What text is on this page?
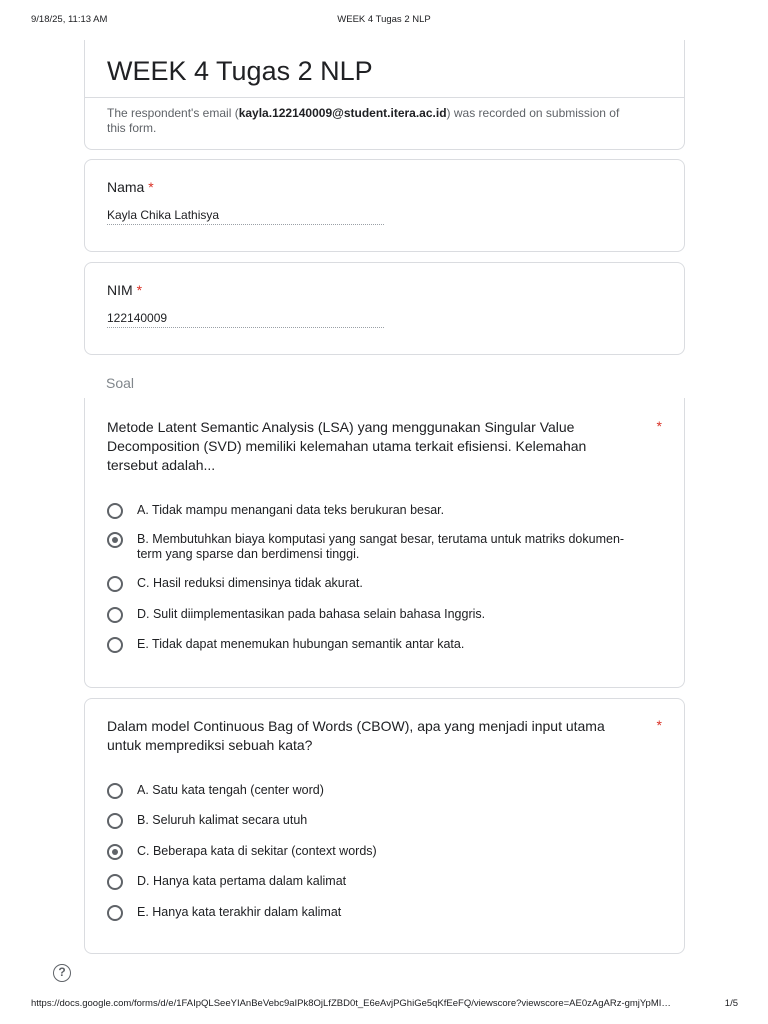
9/18/25, 11:13 AM	WEEK 4 Tugas 2 NLP
WEEK 4 Tugas 2 NLP
The respondent's email (kayla.122140009@student.itera.ac.id) was recorded on submission of this form.
Nama *
Kayla Chika Lathisya
NIM *
122140009
Soal
Metode Latent Semantic Analysis (LSA) yang menggunakan Singular Value Decomposition (SVD) memiliki kelemahan utama terkait efisiensi. Kelemahan tersebut adalah...
*
A. Tidak mampu menangani data teks berukuran besar.
B. Membutuhkan biaya komputasi yang sangat besar, terutama untuk matriks dokumen-term yang sparse dan berdimensi tinggi.
C. Hasil reduksi dimensinya tidak akurat.
D. Sulit diimplementasikan pada bahasa selain bahasa Inggris.
E. Tidak dapat menemukan hubungan semantik antar kata.
Dalam model Continuous Bag of Words (CBOW), apa yang menjadi input utama untuk memprediksi sebuah kata?
*
A. Satu kata tengah (center word)
B. Seluruh kalimat secara utuh
C. Beberapa kata di sekitar (context words)
D. Hanya kata pertama dalam kalimat
E. Hanya kata terakhir dalam kalimat
?
https://docs.google.com/forms/d/e/1FAIpQLSeeYIAnBeVebc9aIPk8OjLfZBD0t_E6eAvjPGhiGe5qKfEeFQ/viewscore?viewscore=AE0zAgARz-gmjYpMI…	1/5
